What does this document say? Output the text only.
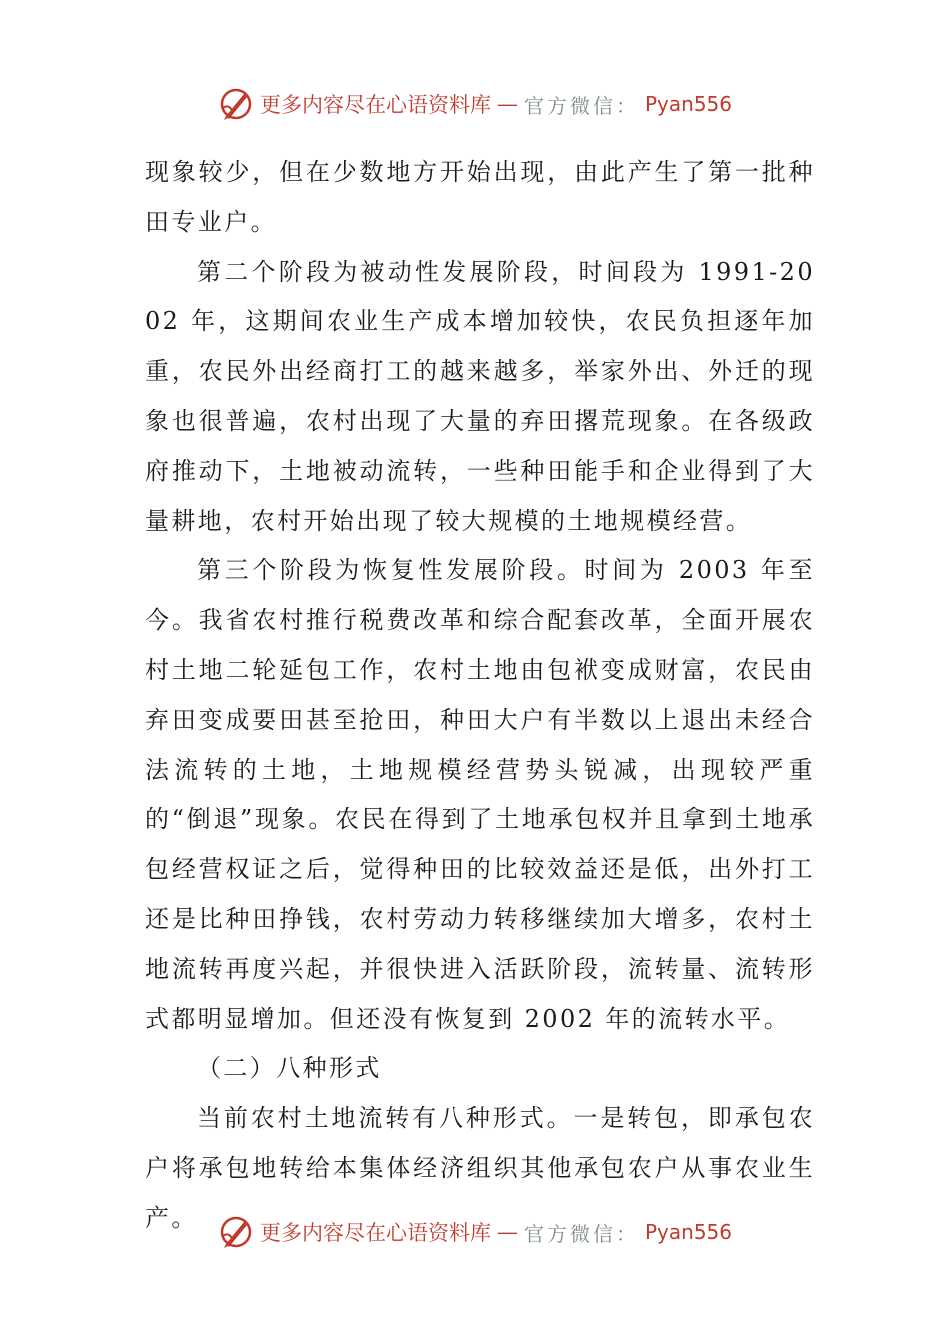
更多内容尽在心语资料库 — 官方微信： Pyan556

现象较少，但在少数地方开始出现，由此产生了第一批种田专业户。

第二个阶段为被动性发展阶段，时间段为 1991-2002 年，这期间农业生产成本增加较快，农民负担逐年加重，农民外出经商打工的越来越多，举家外出、外迁的现象也很普遍，农村出现了大量的弃田撂荒现象。在各级政府推动下，土地被动流转，一些种田能手和企业得到了大量耕地，农村开始出现了较大规模的土地规模经营。

第三个阶段为恢复性发展阶段。时间为 2003 年至今。我省农村推行税费改革和综合配套改革，全面开展农村土地二轮延包工作，农村土地由包袱变成财富，农民由弃田变成要田甚至抢田，种田大户有半数以上退出未经合法流转的土地，土地规模经营势头锐减，出现较严重的“倒退”现象。农民在得到了土地承包权并且拿到土地承包经营权证之后，觉得种田的比较效益还是低，出外打工还是比种田挣钱，农村劳动力转移继续加大增多，农村土地流转再度兴起，并很快进入活跃阶段，流转量、流转形式都明显增加。但还没有恢复到 2002 年的流转水平。

（二）八种形式

当前农村土地流转有八种形式。一是转包，即承包农户将承包地转给本集体经济组织其他承包农户从事农业生产。

更多内容尽在心语资料库 — 官方微信： Pyan556
